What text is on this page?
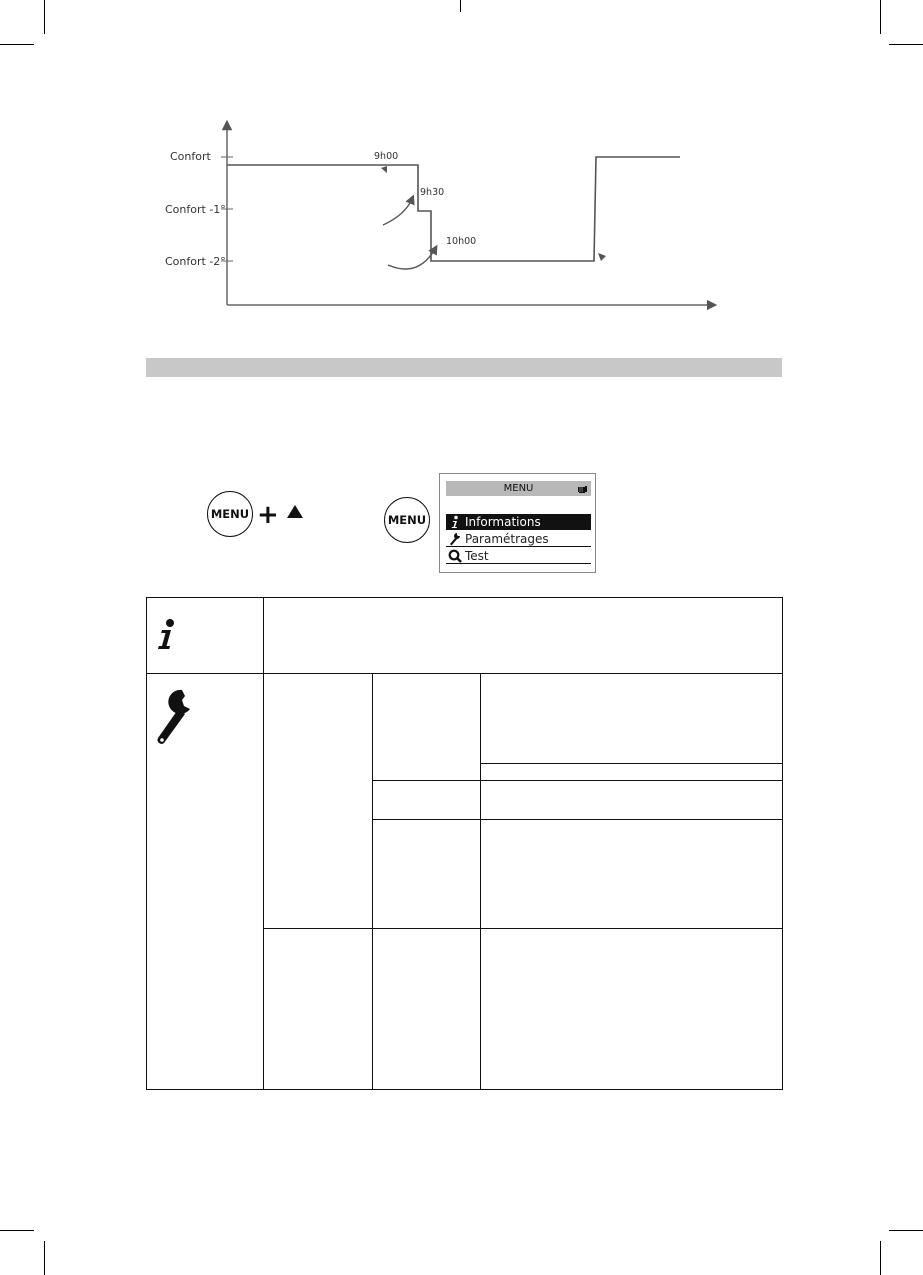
Confort
Confort -1°
Confort -2°
9h00
9h30
10h00
MENU +	MENU
MENU
Informations
Paramétrages
Test
